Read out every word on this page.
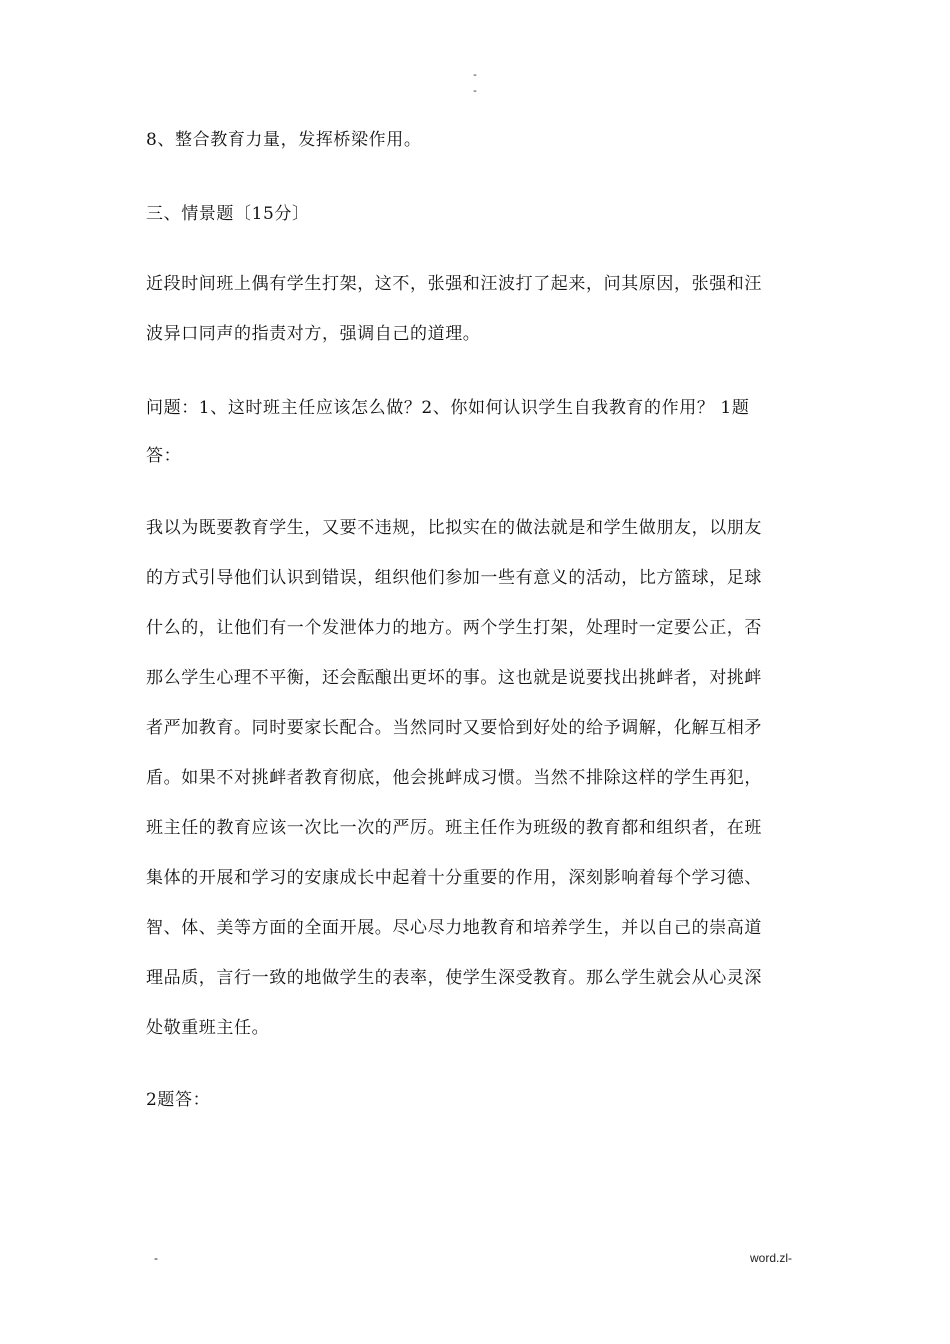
-
-
8、整合教育力量，发挥桥梁作用。
三、情景题〔15分〕
近段时间班上偶有学生打架，这不，张强和汪波打了起来，问其原因，张强和汪
波异口同声的指责对方，强调自己的道理。
问题：1、这时班主任应该怎么做？2、你如何认识学生自我教育的作用？ 1题
答：
我以为既要教育学生，又要不违规，比拟实在的做法就是和学生做朋友，以朋友
的方式引导他们认识到错误，组织他们参加一些有意义的活动，比方篮球，足球
什么的，让他们有一个发泄体力的地方。两个学生打架，处理时一定要公正，否
那么学生心理不平衡，还会酝酿出更坏的事。这也就是说要找出挑衅者，对挑衅
者严加教育。同时要家长配合。当然同时又要恰到好处的给予调解，化解互相矛
盾。如果不对挑衅者教育彻底，他会挑衅成习惯。当然不排除这样的学生再犯，
班主任的教育应该一次比一次的严厉。班主任作为班级的教育都和组织者，在班
集体的开展和学习的安康成长中起着十分重要的作用，深刻影响着每个学习德、
智、体、美等方面的全面开展。尽心尽力地教育和培养学生，并以自己的崇高道
理品质，言行一致的地做学生的表率，使学生深受教育。那么学生就会从心灵深
处敬重班主任。
2题答：
-	word.zl-
